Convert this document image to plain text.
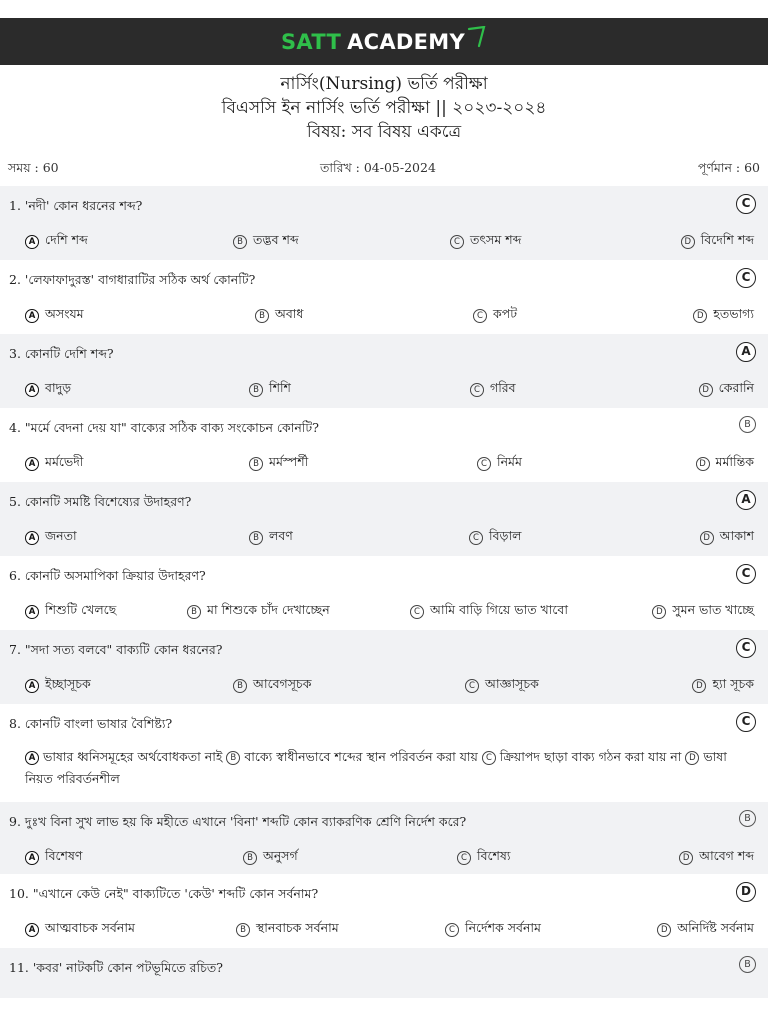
SATT ACADEMY
নার্সিং(Nursing) ভর্তি পরীক্ষা
বিএসসি ইন নার্সিং ভর্তি পরীক্ষা || ২০২৩-২০২৪
বিষয়: সব বিষয় একত্রে
সময় : 60	তারিখ : 04-05-2024	পূর্ণমান : 60
1. 'নদী' কোন ধরনের শব্দ?	C
A দেশি শব্দ	B তদ্ভব শব্দ	C তৎসম শব্দ	D বিদেশি শব্দ
2. 'লেফাফাদুরস্ত' বাগধারাটির সঠিক অর্থ কোনটি?	C
A অসংযম	B অবাধ	C কপট	D হতভাগ্য
3. কোনটি দেশি শব্দ?	A
A বাদুড়	B শিশি	C গরিব	D কেরানি
4. "মর্মে বেদনা দেয় যা" বাক্যের সঠিক বাক্য সংকোচন কোনটি?	B
A মর্মভেদী	B মর্মস্পর্শী	C নির্মম	D মর্মান্তিক
5. কোনটি সমষ্টি বিশেষ্যের উদাহরণ?	A
A জনতা	B লবণ	C বিড়াল	D আকাশ
6. কোনটি অসমাপিকা ক্রিয়ার উদাহরণ?	C
A শিশুটি খেলছে	B মা শিশুকে চাঁদ দেখাচ্ছেন	C আমি বাড়ি গিয়ে ভাত খাবো	D সুমন ভাত খাচ্ছে
7. "সদা সত্য বলবে" বাক্যটি কোন ধরনের?	C
A ইচ্ছাসূচক	B আবেগসূচক	C আজ্ঞাসূচক	D হ্যা সূচক
8. কোনটি বাংলা ভাষার বৈশিষ্ট্য?	C
A ভাষার ধ্বনিসমূহের অর্থবোধকতা নাই B বাক্যে স্বাধীনভাবে শব্দের স্থান পরিবর্তন করা যায় C ক্রিয়াপদ ছাড়া বাক্য গঠন করা যায় না D ভাষা নিয়ত পরিবর্তনশীল
9. দুঃখ বিনা সুখ লাভ হয় কি মহীতে এখানে 'বিনা' শব্দটি কোন ব্যাকরণিক শ্রেণি নির্দেশ করে?	B
A বিশেষণ	B অনুসর্গ	C বিশেষ্য	D আবেগ শব্দ
10. "এখানে কেউ নেই" বাক্যটিতে 'কেউ' শব্দটি কোন সর্বনাম?	D
A আত্মবাচক সর্বনাম	B স্থানবাচক সর্বনাম	C নির্দেশক সর্বনাম	D অনির্দিষ্ট সর্বনাম
11. 'কবর' নাটকটি কোন পটভূমিতে রচিত?	B
